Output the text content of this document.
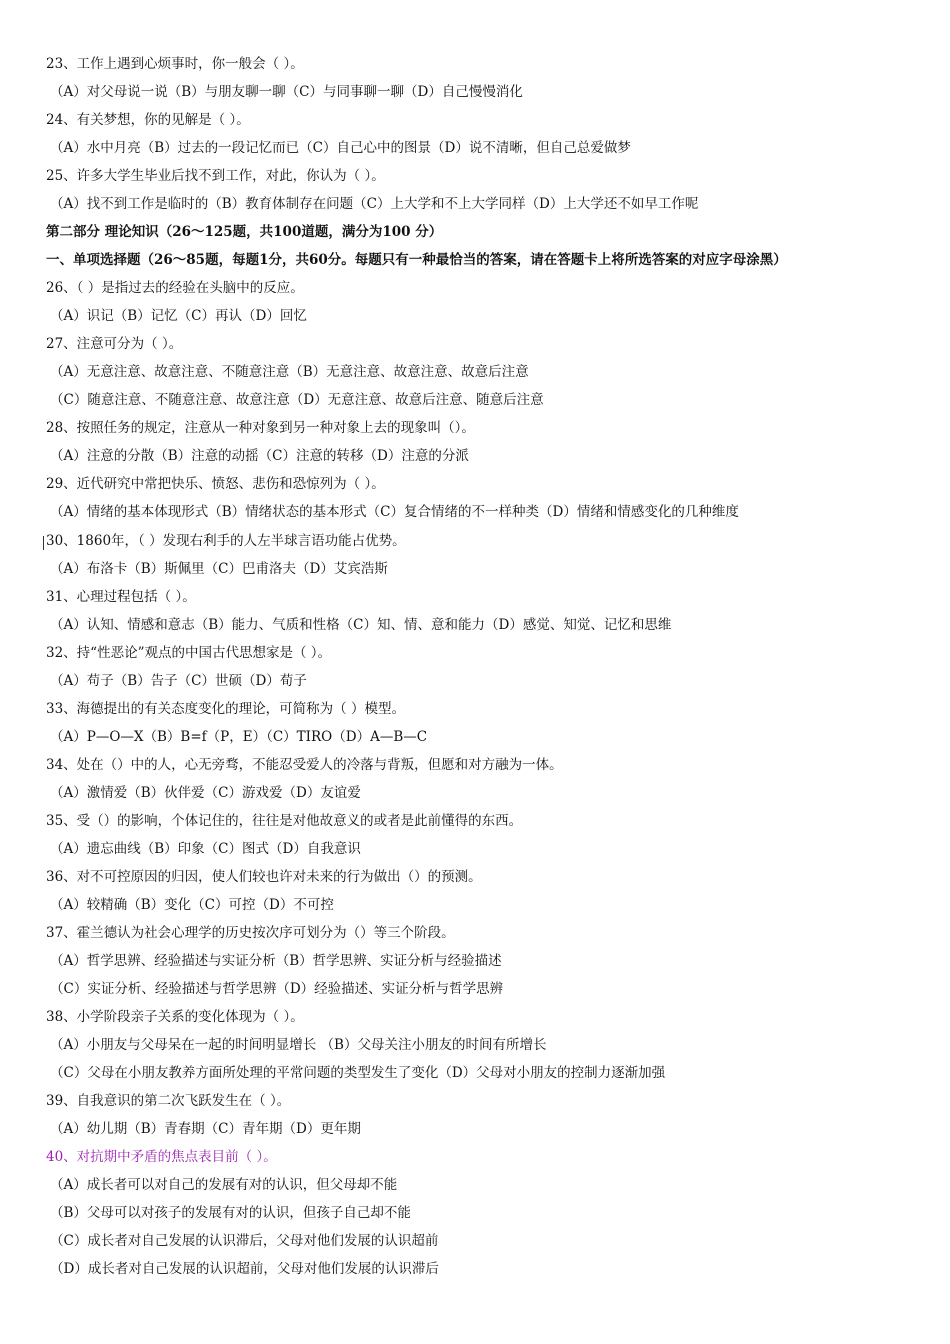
23、工作上遇到心烦事时，你一般会（ ）。
（A）对父母说一说（B）与朋友聊一聊（C）与同事聊一聊（D）自己慢慢消化
24、有关梦想，你的见解是（ ）。
（A）水中月亮（B）过去的一段记忆而已（C）自己心中的图景（D）说不清晰，但自己总爱做梦
25、许多大学生毕业后找不到工作，对此，你认为（ ）。
（A）找不到工作是临时的（B）教育体制存在问题（C）上大学和不上大学同样（D）上大学还不如早工作呢
第二部分 理论知识（26～125题，共100道题，满分为100 分）
一、单项选择题（26～85题，每题1分，共60分。每题只有一种最恰当的答案，请在答题卡上将所选答案的对应字母涂黑）
26、（ ）是指过去的经验在头脑中的反应。
（A）识记（B）记忆（C）再认（D）回忆
27、注意可分为（ ）。
（A）无意注意、故意注意、不随意注意（B）无意注意、故意注意、故意后注意
（C）随意注意、不随意注意、故意注意（D）无意注意、故意后注意、随意后注意
28、按照任务的规定，注意从一种对象到另一种对象上去的现象叫（）。
（A）注意的分散（B）注意的动摇（C）注意的转移（D）注意的分派
29、近代研究中常把快乐、愤怒、悲伤和恐惊列为（ ）。
（A）情绪的基本体现形式（B）情绪状态的基本形式（C）复合情绪的不一样种类（D）情绪和情感变化的几种维度
30、1860年，（ ）发现右利手的人左半球言语功能占优势。
（A）布洛卡（B）斯佩里（C）巴甫洛夫（D）艾宾浩斯
31、心理过程包括（ ）。
（A）认知、情感和意志（B）能力、气质和性格（C）知、情、意和能力（D）感觉、知觉、记忆和思维
32、持“性恶论”观点的中国古代思想家是（ ）。
（A）苟子（B）告子（C）世硕（D）荀子
33、海德提出的有关态度变化的理论，可简称为（ ）模型。
（A）P—O—X（B）B=f（P，E）（C）TIRO（D）A—B—C
34、处在（）中的人，心无旁骛，不能忍受爱人的冷落与背叛，但愿和对方融为一体。
（A）激情爱（B）伙伴爱（C）游戏爱（D）友谊爱
35、受（）的影响，个体记住的，往往是对他故意义的或者是此前懂得的东西。
（A）遗忘曲线（B）印象（C）图式（D）自我意识
36、对不可控原因的归因，使人们较也许对未来的行为做出（）的预测。
（A）较精确（B）变化（C）可控（D）不可控
37、霍兰德认为社会心理学的历史按次序可划分为（）等三个阶段。
（A）哲学思辨、经验描述与实证分析（B）哲学思辨、实证分析与经验描述
（C）实证分析、经验描述与哲学思辨（D）经验描述、实证分析与哲学思辨
38、小学阶段亲子关系的变化体现为（ ）。
（A）小朋友与父母呆在一起的时间明显增长 （B）父母关注小朋友的时间有所增长
（C）父母在小朋友教养方面所处理的平常问题的类型发生了变化（D）父母对小朋友的控制力逐渐加强
39、自我意识的第二次飞跃发生在（ ）。
（A）幼儿期（B）青春期（C）青年期（D）更年期
40、对抗期中矛盾的焦点表目前（ ）。
（A）成长者可以对自己的发展有对的认识，但父母却不能
（B）父母可以对孩子的发展有对的认识，但孩子自己却不能
（C）成长者对自己发展的认识滞后，父母对他们发展的认识超前
（D）成长者对自己发展的认识超前，父母对他们发展的认识滞后
